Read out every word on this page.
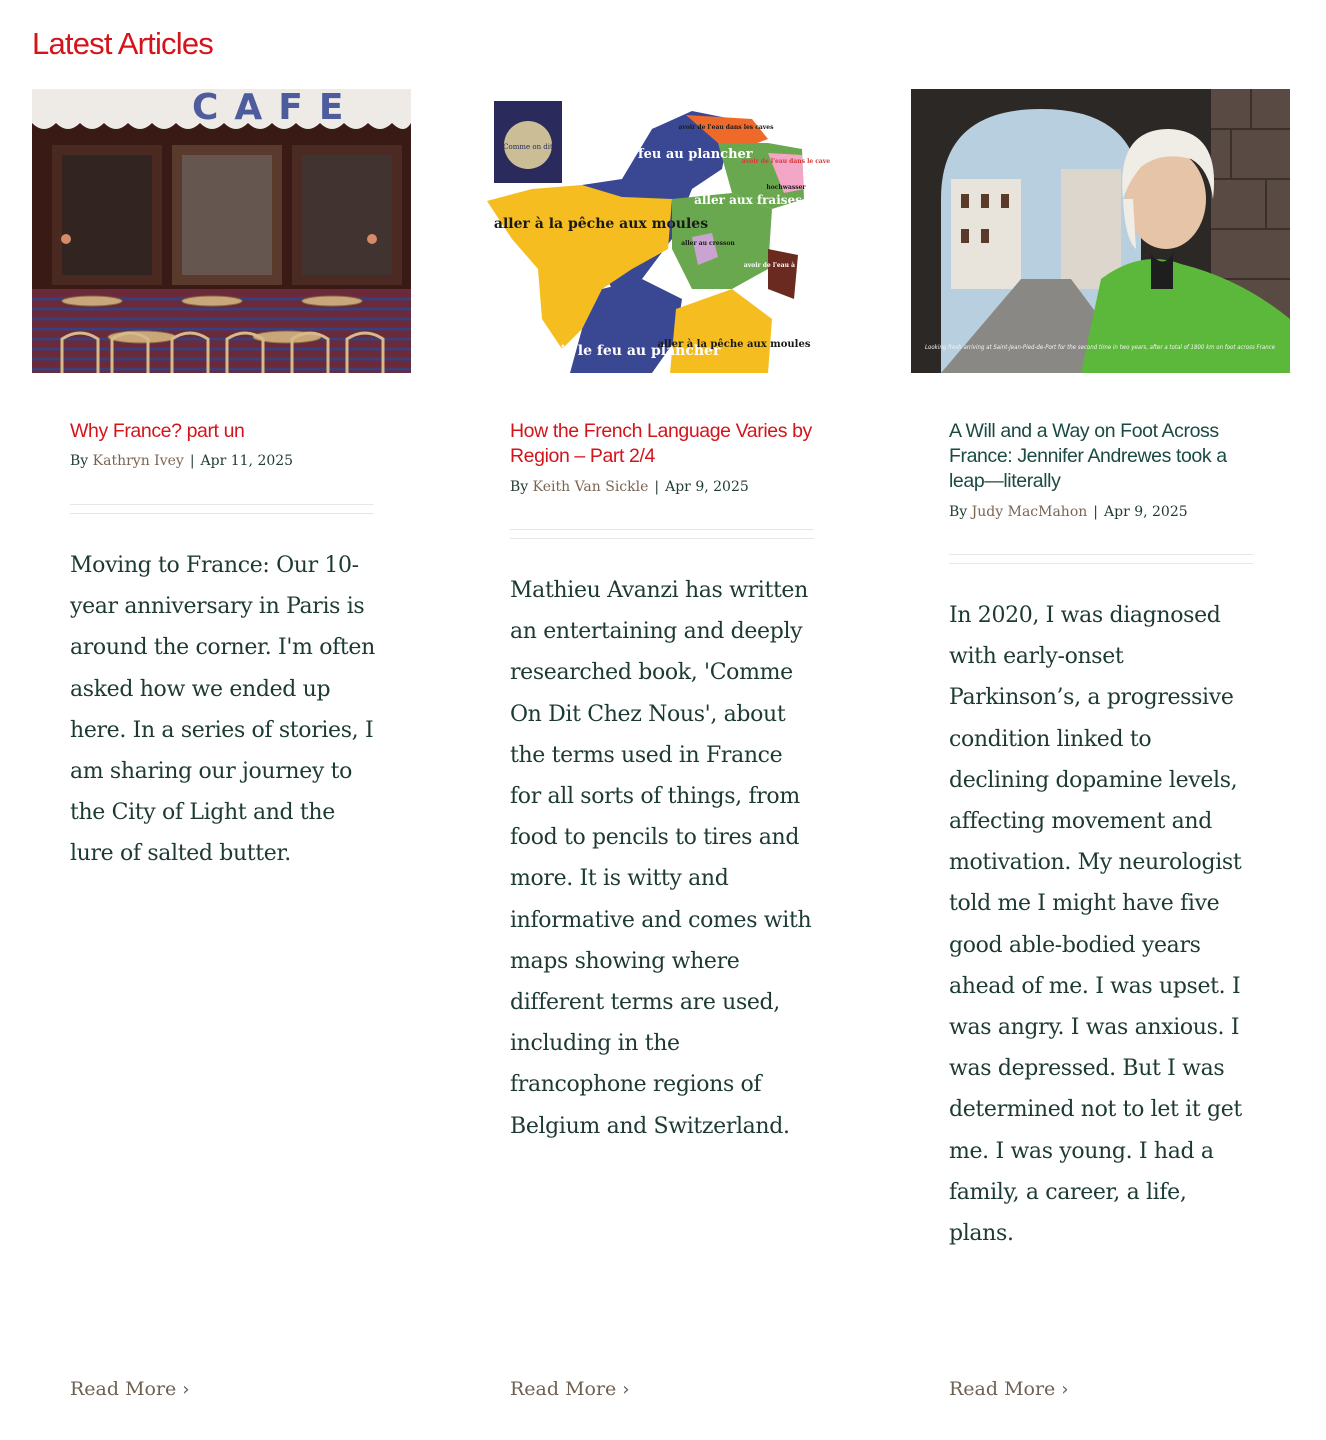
Latest Articles
CAFE
Why France? part un
By Kathryn Ivey | Apr 11, 2025

Moving to France: Our 10-year anniversary in Paris is around the corner. I'm often asked how we ended up here. In a series of stories, I am sharing our journey to the City of Light and the lure of salted butter.

Read More ›
Comme on dit avoir le feu au plancher
aller à la pêche aux moules
aller aux fraises
avoir le feu au plancher
aller à la pêche aux moules
avoir de l'eau dans les caves
avoir de l'eau dans le cave
hochwasser
aller au cresson
avoir de l'eau à la cave
How the French Language Varies by Region – Part 2/4
By Keith Van Sickle | Apr 9, 2025

Mathieu Avanzi has written an entertaining and deeply researched book, 'Comme On Dit Chez Nous', about the terms used in France for all sorts of things, from food to pencils to tires and more. It is witty and informative and comes with maps showing where different terms are used, including in the francophone regions of Belgium and Switzerland.

Read More ›
Looking fresh arriving at Saint-Jean-Pied-de-Port for the second time in two years, after a total of 1800 km on foot across France
A Will and a Way on Foot Across France: Jennifer Andrewes took a leap—literally
By Judy MacMahon | Apr 9, 2025

In 2020, I was diagnosed with early-onset Parkinson’s, a progressive condition linked to declining dopamine levels, affecting movement and motivation. My neurologist told me I might have five good able-bodied years ahead of me. I was upset. I was angry. I was anxious. I was depressed. But I was determined not to let it get me. I was young. I had a family, a career, a life, plans.

Read More ›
